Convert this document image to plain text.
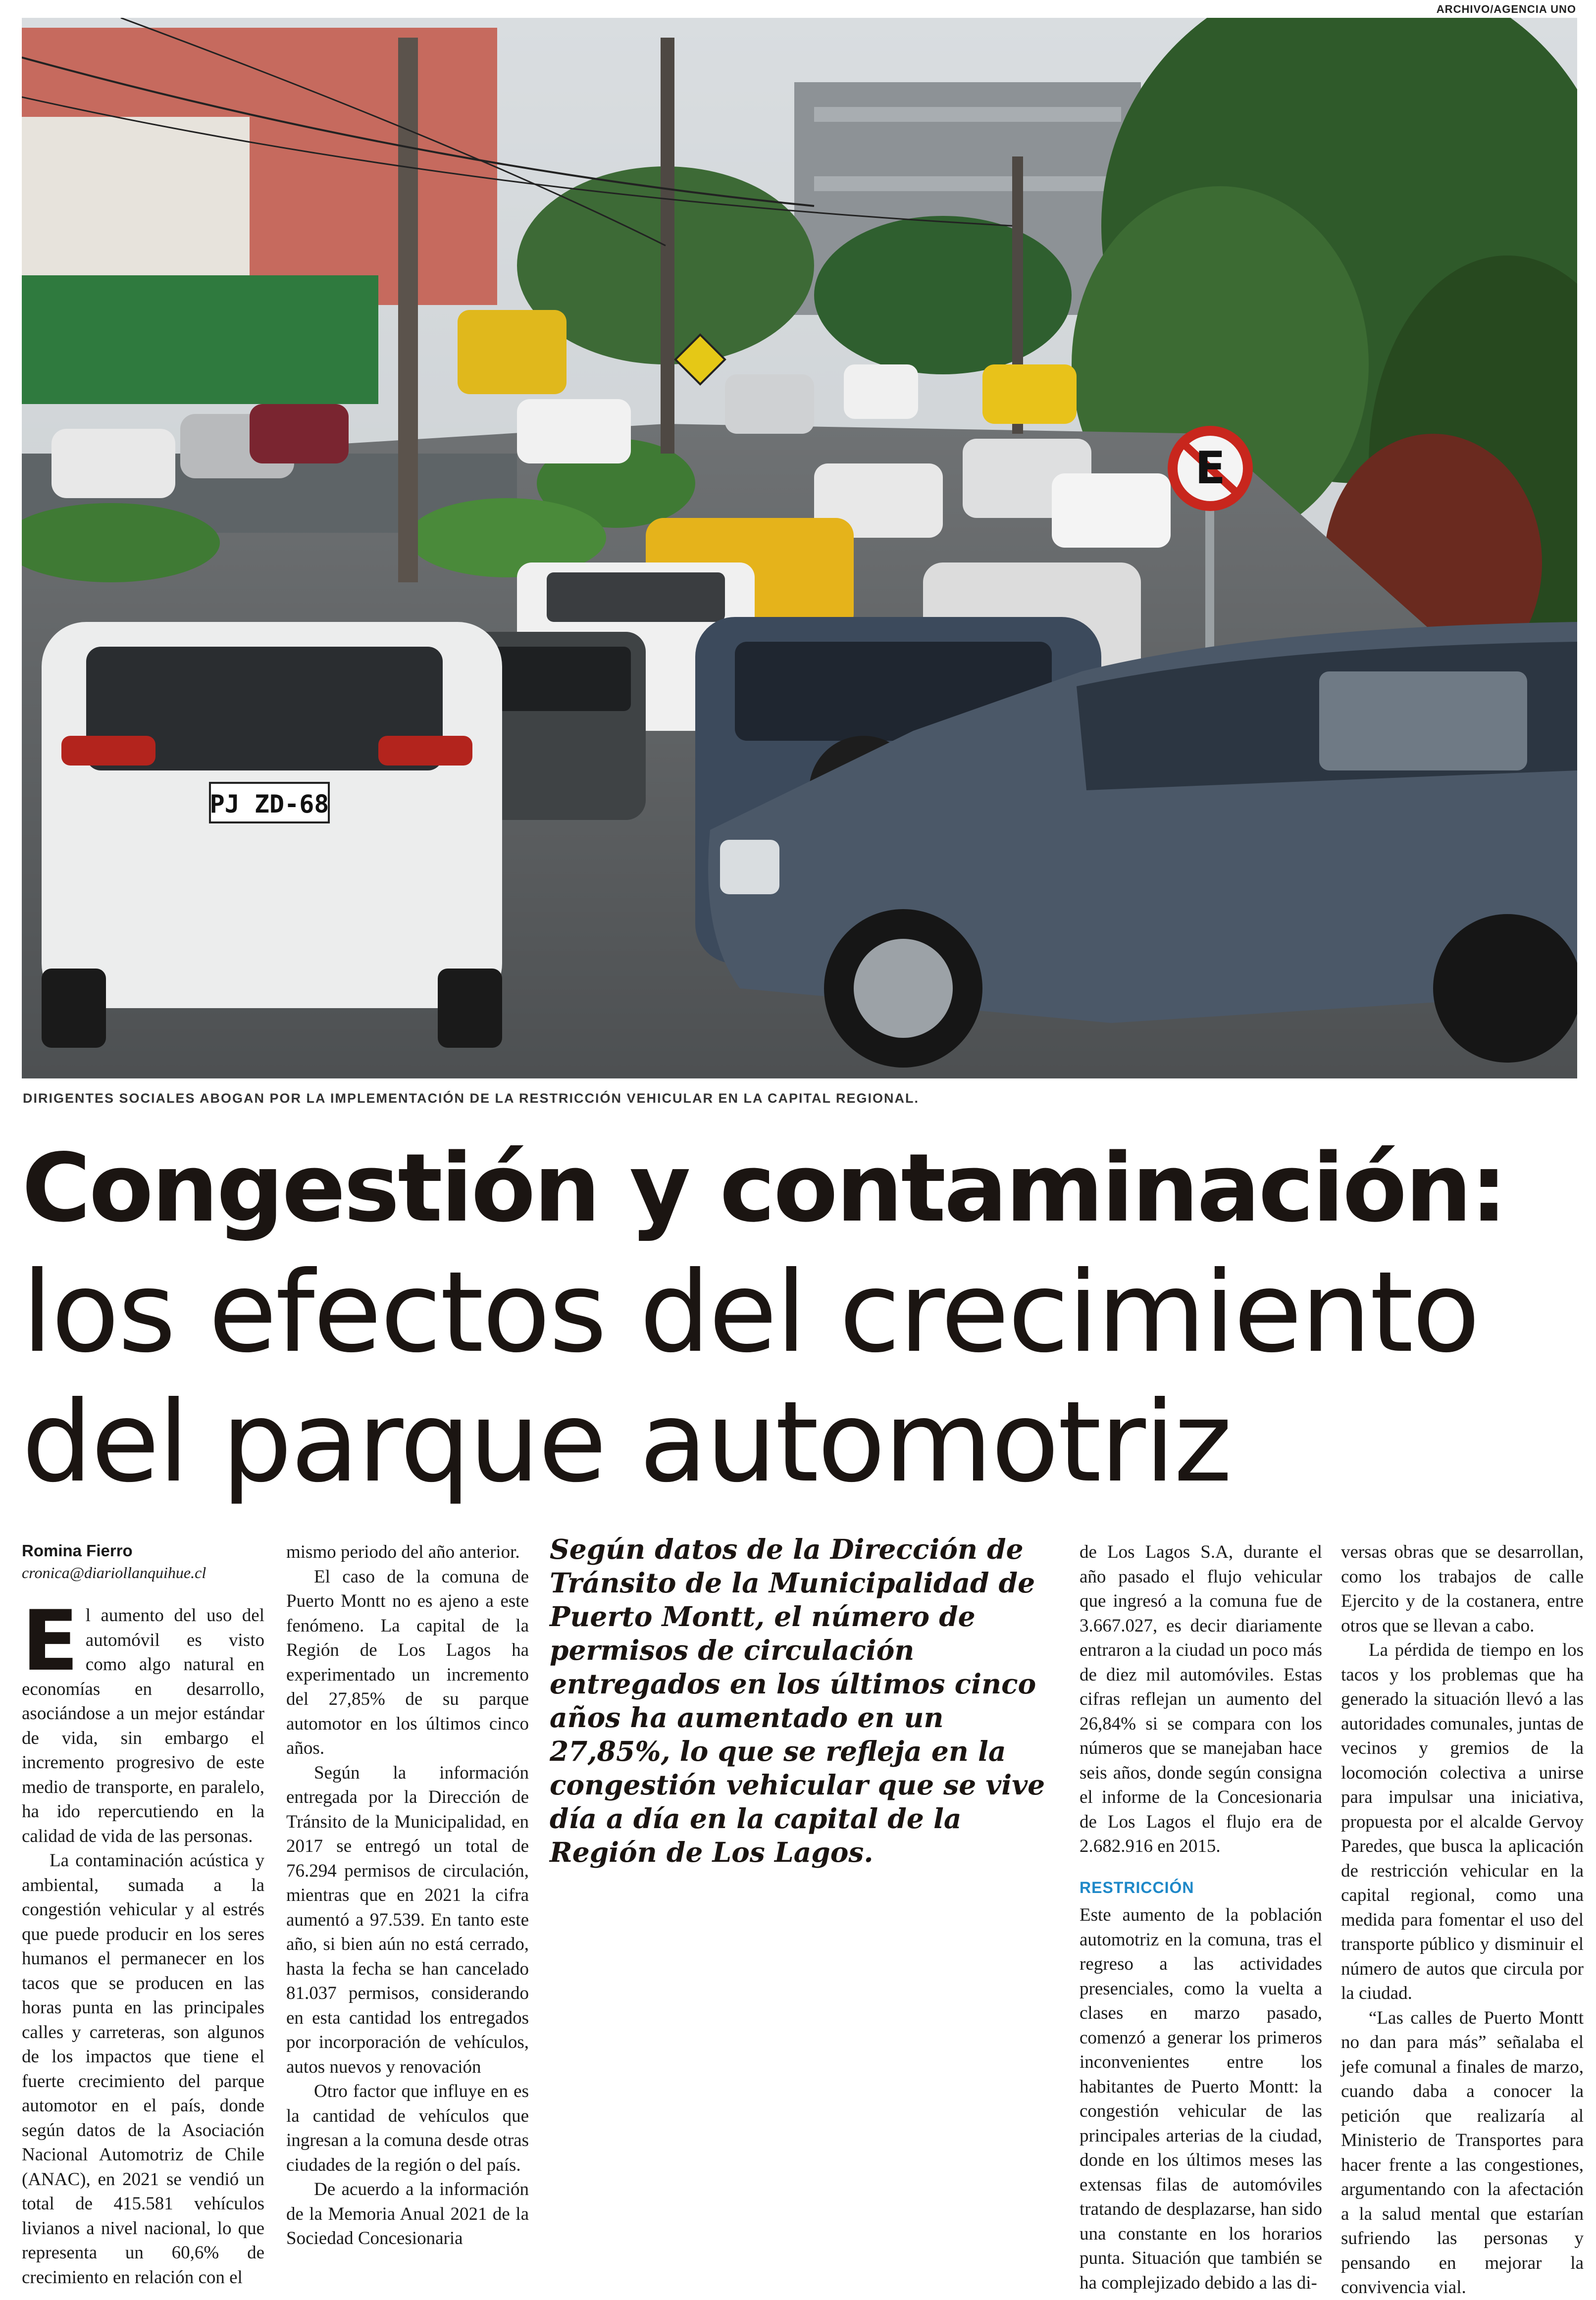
ARCHIVO/AGENCIA UNO
E
PJ ZD-68
DIRIGENTES SOCIALES ABOGAN POR LA IMPLEMENTACIÓN DE LA RESTRICCIÓN VEHICULAR EN LA CAPITAL REGIONAL.
Congestión y contaminación:
los efectos del crecimiento
del parque automotriz
Romina Fierro
cronica@diariollanquihue.cl

El aumento del uso del automóvil es visto como algo natural en economías en desarrollo, asociándose a un mejor estándar de vida, sin embargo el incremento progresivo de este medio de transporte, en paralelo, ha ido repercutiendo en la calidad de vida de las personas.

La contaminación acústica y ambiental, sumada a la congestión vehicular y al estrés que puede producir en los seres humanos el permanecer en los tacos que se producen en las horas punta en las principales calles y carreteras, son algunos de los impactos que tiene el fuerte crecimiento del parque automotor en el país, donde según datos de la Asociación Nacional Automotriz de Chile (ANAC), en 2021 se vendió un total de 415.581 vehículos livianos a nivel nacional, lo que representa un 60,6% de crecimiento en relación con el

mismo periodo del año anterior.

El caso de la comuna de Puerto Montt no es ajeno a este fenómeno. La capital de la Región de Los Lagos ha experimentado un incremento del 27,85% de su parque automotor en los últimos cinco años.

Según la información entregada por la Dirección de Tránsito de la Municipalidad, en 2017 se entregó un total de 76.294 permisos de circulación, mientras que en 2021 la cifra aumentó a 97.539. En tanto este año, si bien aún no está cerrado, hasta la fecha se han cancelado 81.037 permisos, considerando en esta cantidad los entregados por incorporación de vehículos, autos nuevos y renovación

Otro factor que influye en es la cantidad de vehículos que ingresan a la comuna desde otras ciudades de la región o del país.

De acuerdo a la información de la Memoria Anual 2021 de la Sociedad Concesionaria

Según datos de la Dirección de Tránsito de la Municipalidad de Puerto Montt, el número de permisos de circulación entregados en los últimos cinco años ha aumentado en un 27,85%, lo que se refleja en la congestión vehicular que se vive día a día en la capital de la Región de Los Lagos.

de Los Lagos S.A, durante el año pasado el flujo vehicular que ingresó a la comuna fue de 3.667.027, es decir diariamente entraron a la ciudad un poco más de diez mil automóviles. Estas cifras reflejan un aumento del 26,84% si se compara con los números que se manejaban hace seis años, donde según consigna el informe de la Concesionaria de Los Lagos el flujo era de 2.682.916 en 2015.

RESTRICCIÓN

Este aumento de la población automotriz en la comuna, tras el regreso a las actividades presenciales, como la vuelta a clases en marzo pasado, comenzó a generar los primeros inconvenientes entre los habitantes de Puerto Montt: la congestión vehicular de las principales arterias de la ciudad, donde en los últimos meses las extensas filas de automóviles tratando de desplazarse, han sido una constante en los horarios punta. Situación que también se ha complejizado debido a las di-

versas obras que se desarrollan, como los trabajos de calle Ejercito y de la costanera, entre otros que se llevan a cabo.

La pérdida de tiempo en los tacos y los problemas que ha generado la situación llevó a las autoridades comunales, juntas de vecinos y gremios de la locomoción colectiva a unirse para impulsar una iniciativa, propuesta por el alcalde Gervoy Paredes, que busca la aplicación de restricción vehicular en la capital regional, como una medida para fomentar el uso del transporte público y disminuir el número de autos que circula por la ciudad.

“Las calles de Puerto Montt no dan para más” señalaba el jefe comunal a finales de marzo, cuando daba a conocer la petición que realizaría al Ministerio de Transportes para hacer frente a las congestiones, argumentando con la afectación a la salud mental que estarían sufriendo las personas y pensando en mejorar la convivencia vial.
